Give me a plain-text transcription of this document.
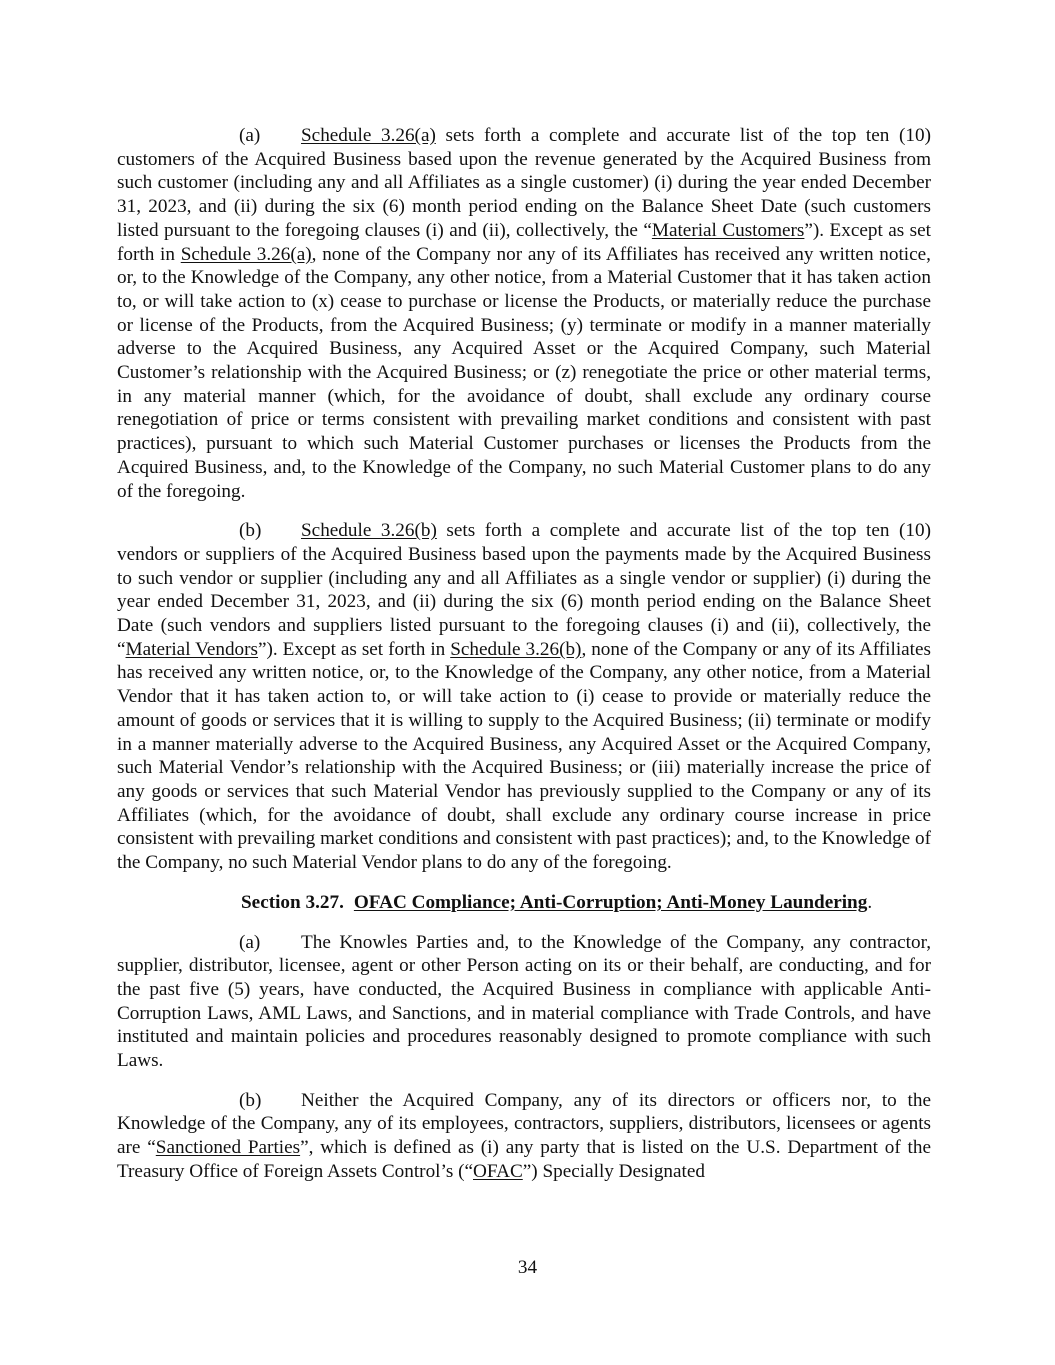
(a) Schedule 3.26(a) sets forth a complete and accurate list of the top ten (10) customers of the Acquired Business based upon the revenue generated by the Acquired Business from such customer (including any and all Affiliates as a single customer) (i) during the year ended December 31, 2023, and (ii) during the six (6) month period ending on the Balance Sheet Date (such customers listed pursuant to the foregoing clauses (i) and (ii), collectively, the “Material Customers”). Except as set forth in Schedule 3.26(a), none of the Company nor any of its Affiliates has received any written notice, or, to the Knowledge of the Company, any other notice, from a Material Customer that it has taken action to, or will take action to (x) cease to purchase or license the Products, or materially reduce the purchase or license of the Products, from the Acquired Business; (y) terminate or modify in a manner materially adverse to the Acquired Business, any Acquired Asset or the Acquired Company, such Material Customer’s relationship with the Acquired Business; or (z) renegotiate the price or other material terms, in any material manner (which, for the avoidance of doubt, shall exclude any ordinary course renegotiation of price or terms consistent with prevailing market conditions and consistent with past practices), pursuant to which such Material Customer purchases or licenses the Products from the Acquired Business, and, to the Knowledge of the Company, no such Material Customer plans to do any of the foregoing.

(b) Schedule 3.26(b) sets forth a complete and accurate list of the top ten (10) vendors or suppliers of the Acquired Business based upon the payments made by the Acquired Business to such vendor or supplier (including any and all Affiliates as a single vendor or supplier) (i) during the year ended December 31, 2023, and (ii) during the six (6) month period ending on the Balance Sheet Date (such vendors and suppliers listed pursuant to the foregoing clauses (i) and (ii), collectively, the “Material Vendors”). Except as set forth in Schedule 3.26(b), none of the Company or any of its Affiliates has received any written notice, or, to the Knowledge of the Company, any other notice, from a Material Vendor that it has taken action to, or will take action to (i) cease to provide or materially reduce the amount of goods or services that it is willing to supply to the Acquired Business; (ii) terminate or modify in a manner materially adverse to the Acquired Business, any Acquired Asset or the Acquired Company, such Material Vendor’s relationship with the Acquired Business; or (iii) materially increase the price of any goods or services that such Material Vendor has previously supplied to the Company or any of its Affiliates (which, for the avoidance of doubt, shall exclude any ordinary course increase in price consistent with prevailing market conditions and consistent with past practices); and, to the Knowledge of the Company, no such Material Vendor plans to do any of the foregoing.

Section 3.27. OFAC Compliance; Anti-Corruption; Anti-Money Laundering.

(a) The Knowles Parties and, to the Knowledge of the Company, any contractor, supplier, distributor, licensee, agent or other Person acting on its or their behalf, are conducting, and for the past five (5) years, have conducted, the Acquired Business in compliance with applicable Anti-Corruption Laws, AML Laws, and Sanctions, and in material compliance with Trade Controls, and have instituted and maintain policies and procedures reasonably designed to promote compliance with such Laws.

(b) Neither the Acquired Company, any of its directors or officers nor, to the Knowledge of the Company, any of its employees, contractors, suppliers, distributors, licensees or agents are “Sanctioned Parties”, which is defined as (i) any party that is listed on the U.S. Department of the Treasury Office of Foreign Assets Control’s (“OFAC”) Specially Designated

34
